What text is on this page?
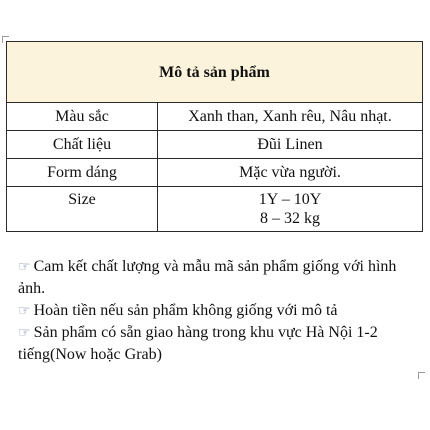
Mô tả sản phẩm	
Màu sắc	Xanh than, Xanh rêu, Nâu nhạt.
Chất liệu	Đũi Linen
Form dáng	Mặc vừa người.
Size	1Y – 10Y
8 – 32 kg

☞ Cam kết chất lượng và mẫu mã sản phẩm giống với hình ảnh.

☞ Hoàn tiền nếu sản phẩm không giống với mô tả

☞ Sản phẩm có sẵn giao hàng trong khu vực Hà Nội 1-2 tiếng(Now hoặc Grab)
